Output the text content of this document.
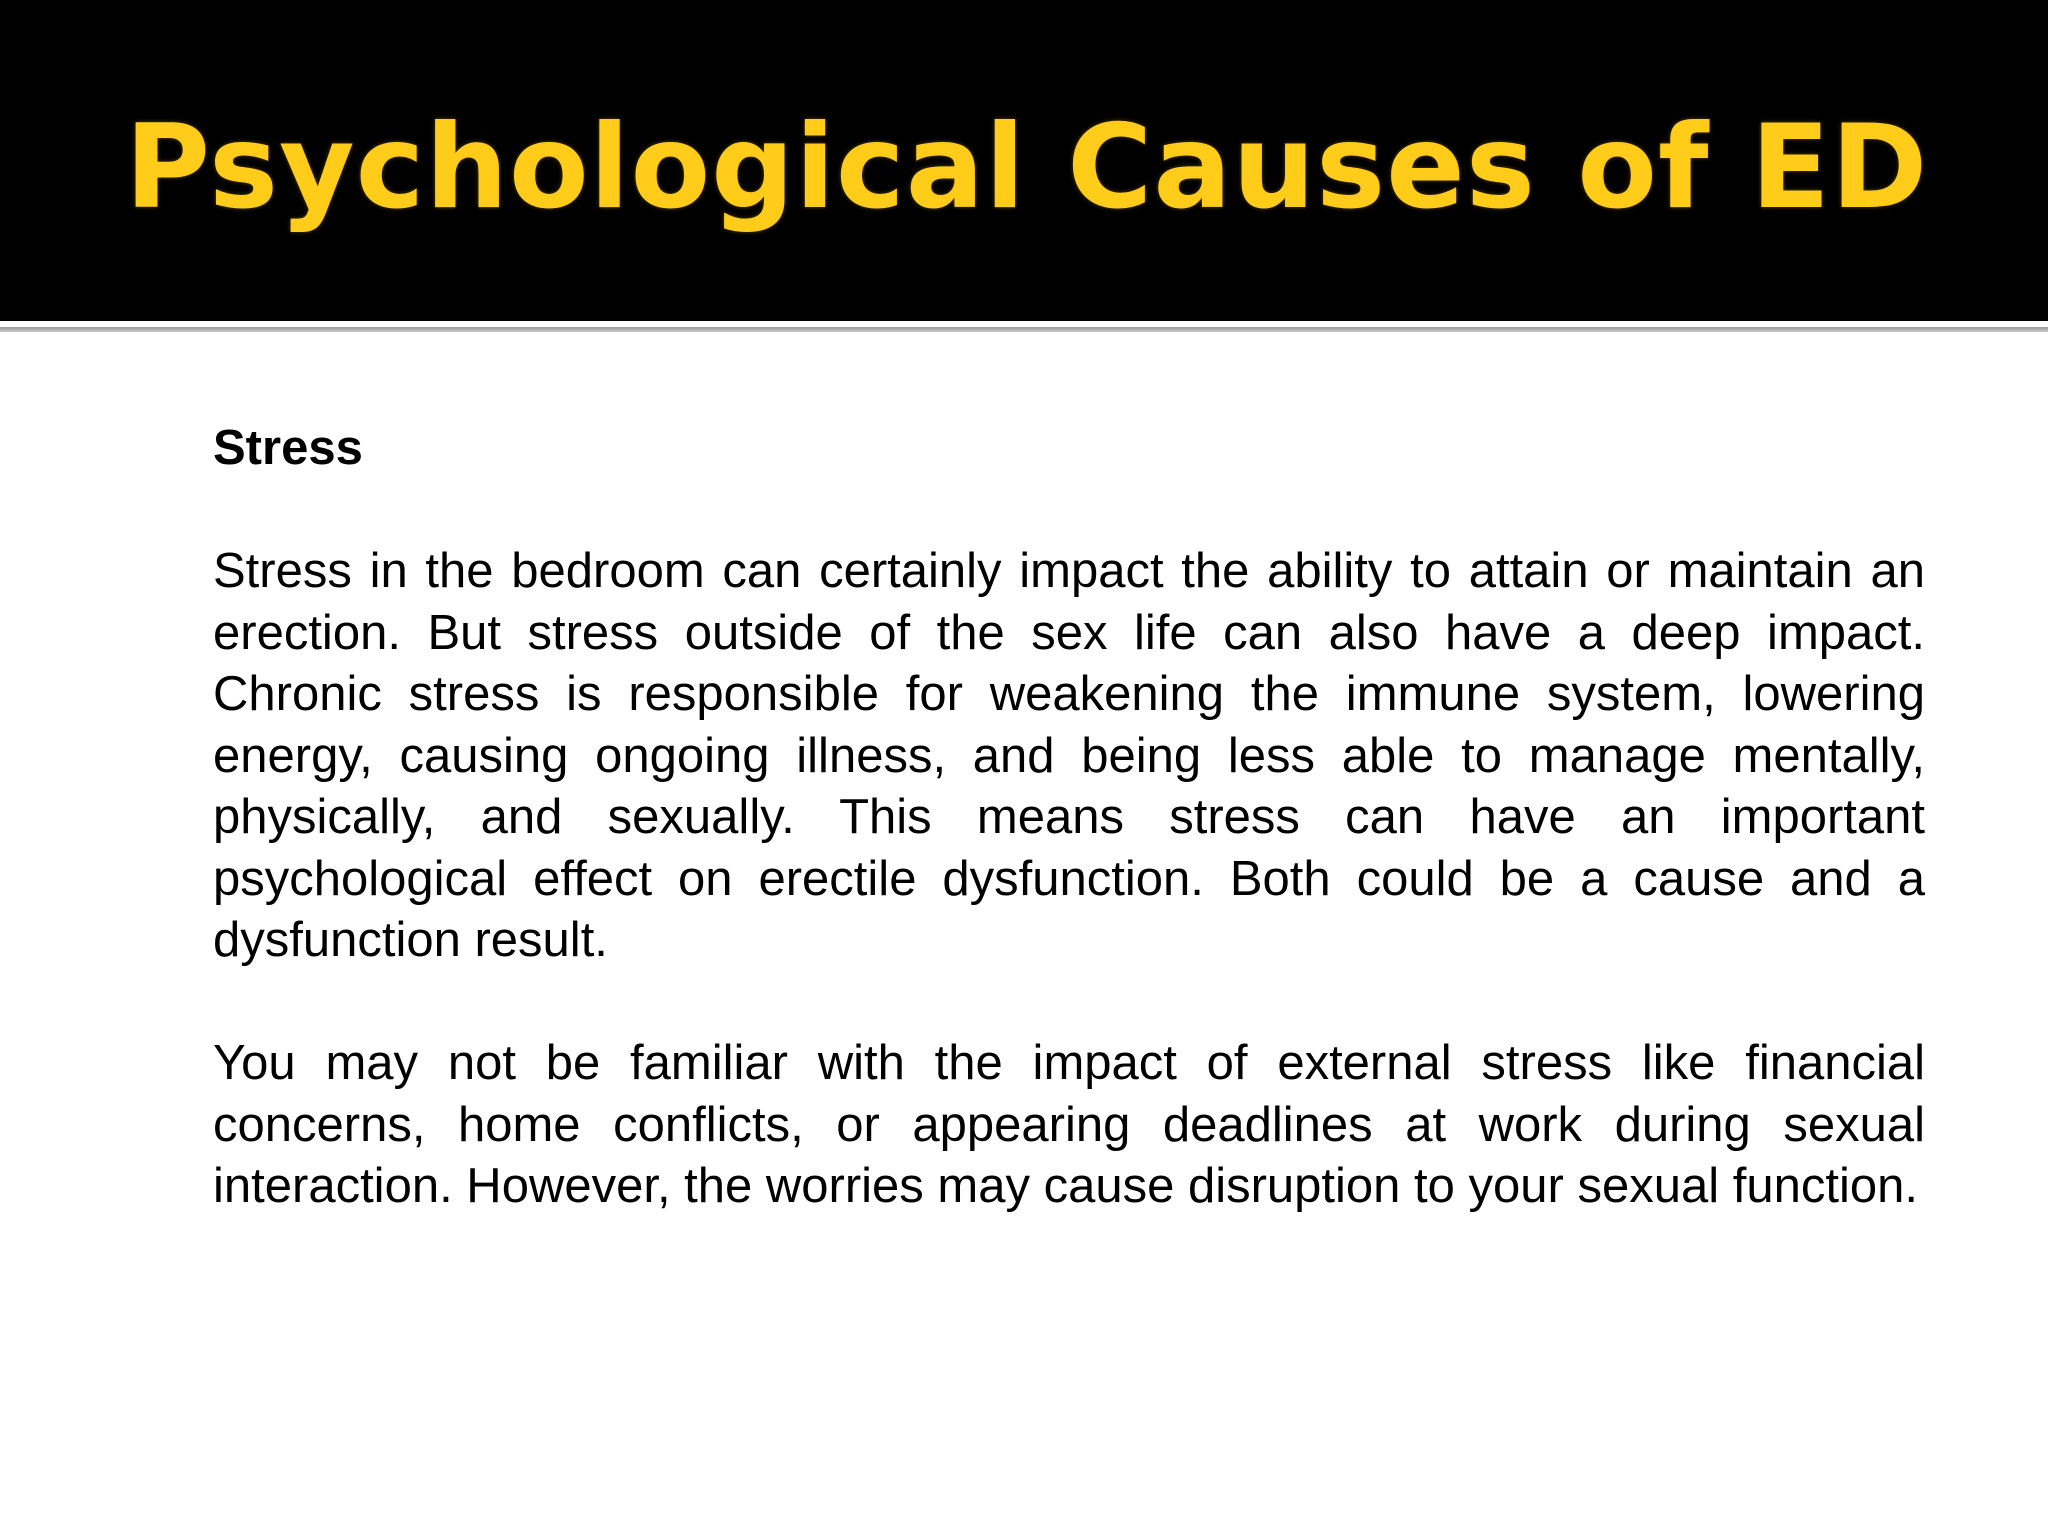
Psychological Causes of ED

Stress

Stress in the bedroom can certainly impact the ability to attain or maintain an erection. But stress outside of the sex life can also have a deep impact. Chronic stress is responsible for weakening the immune system, lowering energy, causing ongoing illness, and being less able to manage mentally, physically, and sexually. This means stress can have an important psychological effect on erectile dysfunction. Both could be a cause and a dysfunction result.

You may not be familiar with the impact of external stress like financial concerns, home conflicts, or appearing deadlines at work during sexual interaction. However, the worries may cause disruption to your sexual function.
